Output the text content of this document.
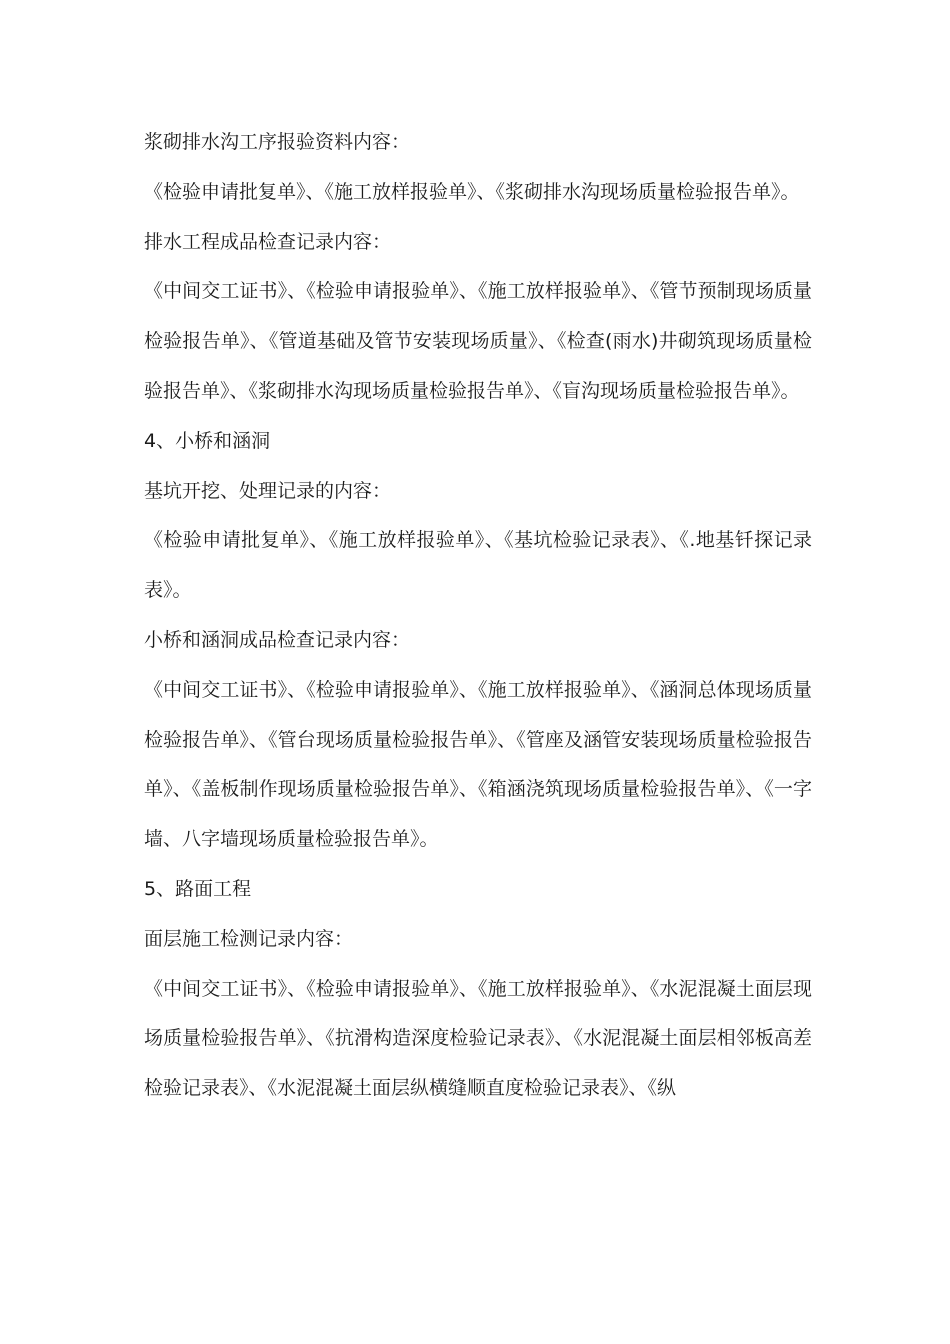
浆砌排水沟工序报验资料内容：

《检验申请批复单》、《施工放样报验单》、《浆砌排水沟现场质量检验报告单》。

排水工程成品检查记录内容：

《中间交工证书》、《检验申请报验单》、《施工放样报验单》、《管节预制现场质量检验报告单》、《管道基础及管节安装现场质量》、《检查(雨水)井砌筑现场质量检验报告单》、《浆砌排水沟现场质量检验报告单》、《盲沟现场质量检验报告单》。

4、小桥和涵洞

基坑开挖、处理记录的内容：

《检验申请批复单》、《施工放样报验单》、《基坑检验记录表》、《.地基钎探记录表》。

小桥和涵洞成品检查记录内容：

《中间交工证书》、《检验申请报验单》、《施工放样报验单》、《涵洞总体现场质量检验报告单》、《管台现场质量检验报告单》、《管座及涵管安装现场质量检验报告单》、《盖板制作现场质量检验报告单》、《箱涵浇筑现场质量检验报告单》、《一字墙、八字墙现场质量检验报告单》。

5、路面工程

面层施工检测记录内容：

《中间交工证书》、《检验申请报验单》、《施工放样报验单》、《水泥混凝土面层现场质量检验报告单》、《抗滑构造深度检验记录表》、《水泥混凝土面层相邻板高差检验记录表》、《水泥混凝土面层纵横缝顺直度检验记录表》、《纵
